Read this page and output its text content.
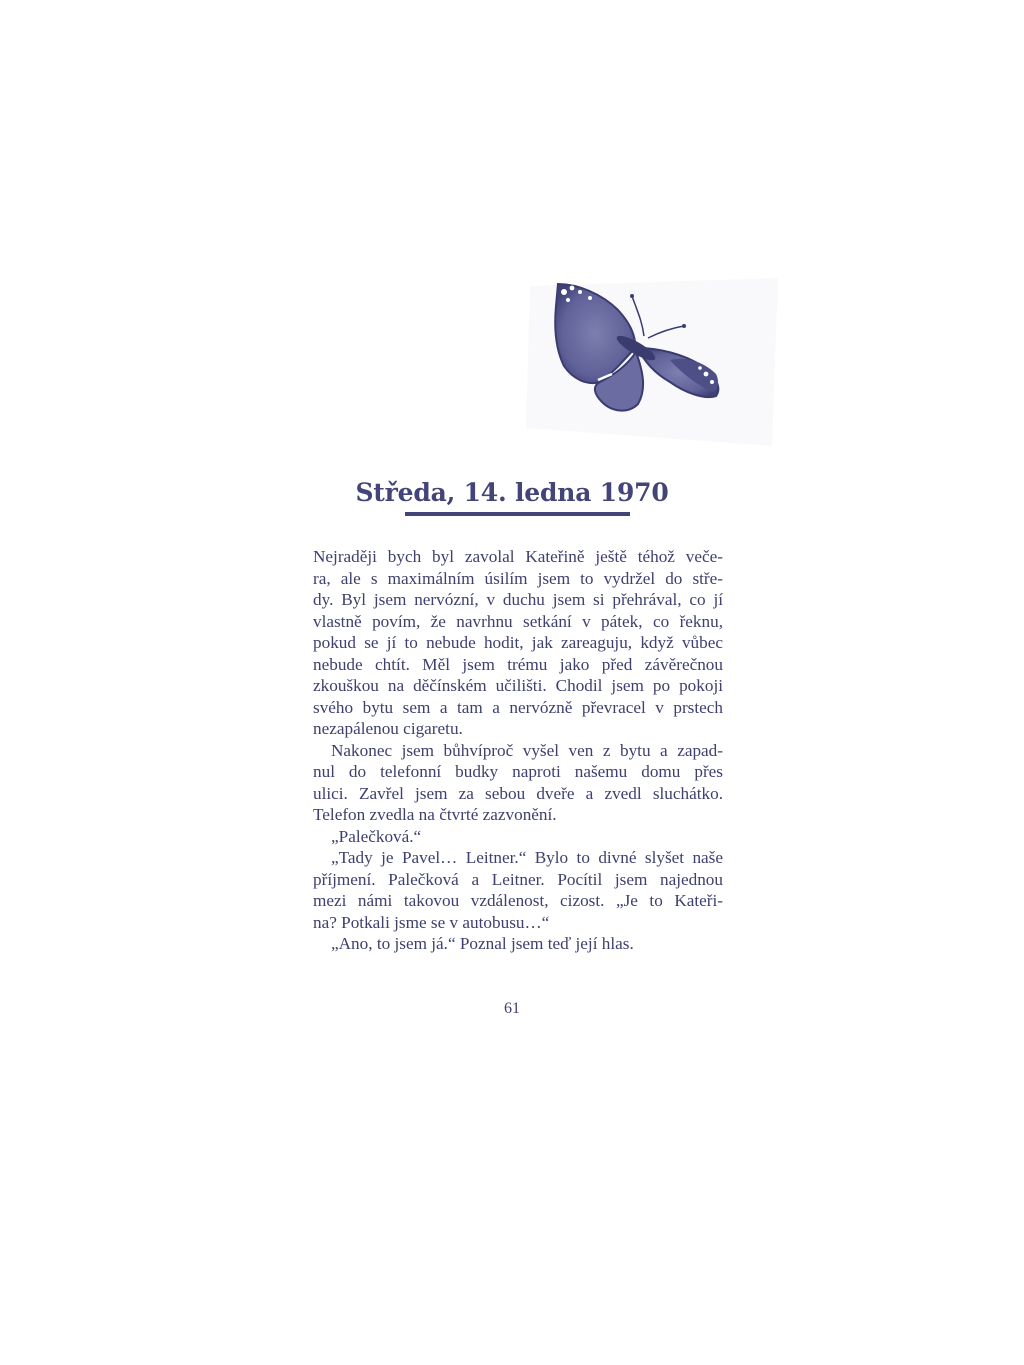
Středa, 14. ledna 1970
Nejraději bych byl zavolal Kateřině ještě téhož veče-
ra, ale s maximálním úsilím jsem to vydržel do stře-
dy. Byl jsem nervózní, v duchu jsem si přehrával, co jí
vlastně povím, že navrhnu setkání v pátek, co řeknu,
pokud se jí to nebude hodit, jak zareaguju, když vůbec
nebude chtít. Měl jsem trému jako před závěrečnou
zkouškou na děčínském učilišti. Chodil jsem po pokoji
svého bytu sem a tam a nervózně převracel v prstech
nezapálenou cigaretu.
Nakonec jsem bůhvíproč vyšel ven z bytu a zapad-
nul do telefonní budky naproti našemu domu přes
ulici. Zavřel jsem za sebou dveře a zvedl sluchátko.
Telefon zvedla na čtvrté zazvonění.
„Palečková.“
„Tady je Pavel… Leitner.“ Bylo to divné slyšet naše
příjmení. Palečková a Leitner. Pocítil jsem najednou
mezi námi takovou vzdálenost, cizost. „Je to Kateři-
na? Potkali jsme se v autobusu…“
„Ano, to jsem já.“ Poznal jsem teď její hlas.
61
